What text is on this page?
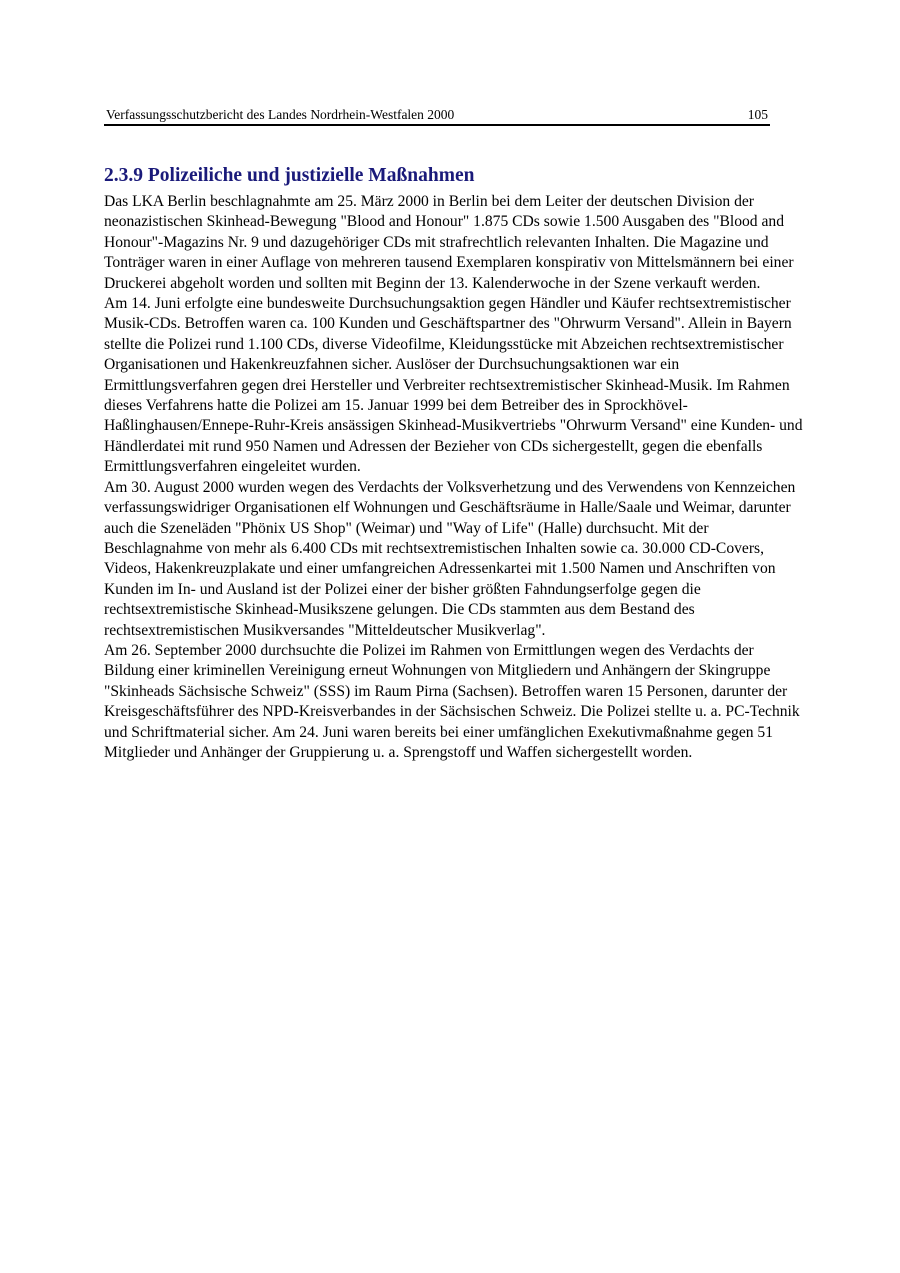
Verfassungsschutzbericht des Landes Nordrhein-Westfalen 2000	105
2.3.9 Polizeiliche und justizielle Maßnahmen

Das LKA Berlin beschlagnahmte am 25. März 2000 in Berlin bei dem Leiter der deutschen Division der neonazistischen Skinhead-Bewegung "Blood and Honour" 1.875 CDs sowie 1.500 Ausgaben des "Blood and Honour"-Magazins Nr. 9 und dazugehöriger CDs mit strafrechtlich relevanten Inhalten. Die Magazine und Tonträger waren in einer Auflage von mehreren tausend Exemplaren konspirativ von Mittelsmännern bei einer Druckerei abgeholt worden und sollten mit Beginn der 13. Kalenderwoche in der Szene verkauft werden.

Am 14. Juni erfolgte eine bundesweite Durchsuchungsaktion gegen Händler und Käufer rechtsextremistischer Musik-CDs. Betroffen waren ca. 100 Kunden und Geschäftspartner des "Ohrwurm Versand". Allein in Bayern stellte die Polizei rund 1.100 CDs, diverse Videofilme, Kleidungsstücke mit Abzeichen rechtsextremistischer Organisationen und Hakenkreuzfahnen sicher. Auslöser der Durchsuchungsaktionen war ein Ermittlungsverfahren gegen drei Hersteller und Verbreiter rechtsextremistischer Skinhead-Musik. Im Rahmen dieses Verfahrens hatte die Polizei am 15. Januar 1999 bei dem Betreiber des in Sprockhövel-Haßlinghausen/Ennepe-Ruhr-Kreis ansässigen Skinhead-Musikvertriebs "Ohrwurm Versand" eine Kunden- und Händlerdatei mit rund 950 Namen und Adressen der Bezieher von CDs sichergestellt, gegen die ebenfalls Ermittlungsverfahren eingeleitet wurden.

Am 30. August 2000 wurden wegen des Verdachts der Volksverhetzung und des Verwendens von Kennzeichen verfassungswidriger Organisationen elf Wohnungen und Geschäftsräume in Halle/Saale und Weimar, darunter auch die Szeneläden "Phönix US Shop" (Weimar) und "Way of Life" (Halle) durchsucht. Mit der Beschlagnahme von mehr als 6.400 CDs mit rechtsextremistischen Inhalten sowie ca. 30.000 CD-Covers, Videos, Hakenkreuzplakate und einer umfangreichen Adressenkartei mit 1.500 Namen und Anschriften von Kunden im In- und Ausland ist der Polizei einer der bisher größten Fahndungserfolge gegen die rechtsextremistische Skinhead-Musikszene gelungen. Die CDs stammten aus dem Bestand des rechtsextremistischen Musikversandes "Mitteldeutscher Musikverlag".

Am 26. September 2000 durchsuchte die Polizei im Rahmen von Ermittlungen wegen des Verdachts der Bildung einer kriminellen Vereinigung erneut Wohnungen von Mitgliedern und Anhängern der Skingruppe "Skinheads Sächsische Schweiz" (SSS) im Raum Pirna (Sachsen). Betroffen waren 15 Personen, darunter der Kreisgeschäftsführer des NPD-Kreisverbandes in der Sächsischen Schweiz. Die Polizei stellte u. a. PC-Technik und Schriftmaterial sicher. Am 24. Juni waren bereits bei einer umfänglichen Exekutivmaßnahme gegen 51 Mitglieder und Anhänger der Gruppierung u. a. Sprengstoff und Waffen sichergestellt worden.
